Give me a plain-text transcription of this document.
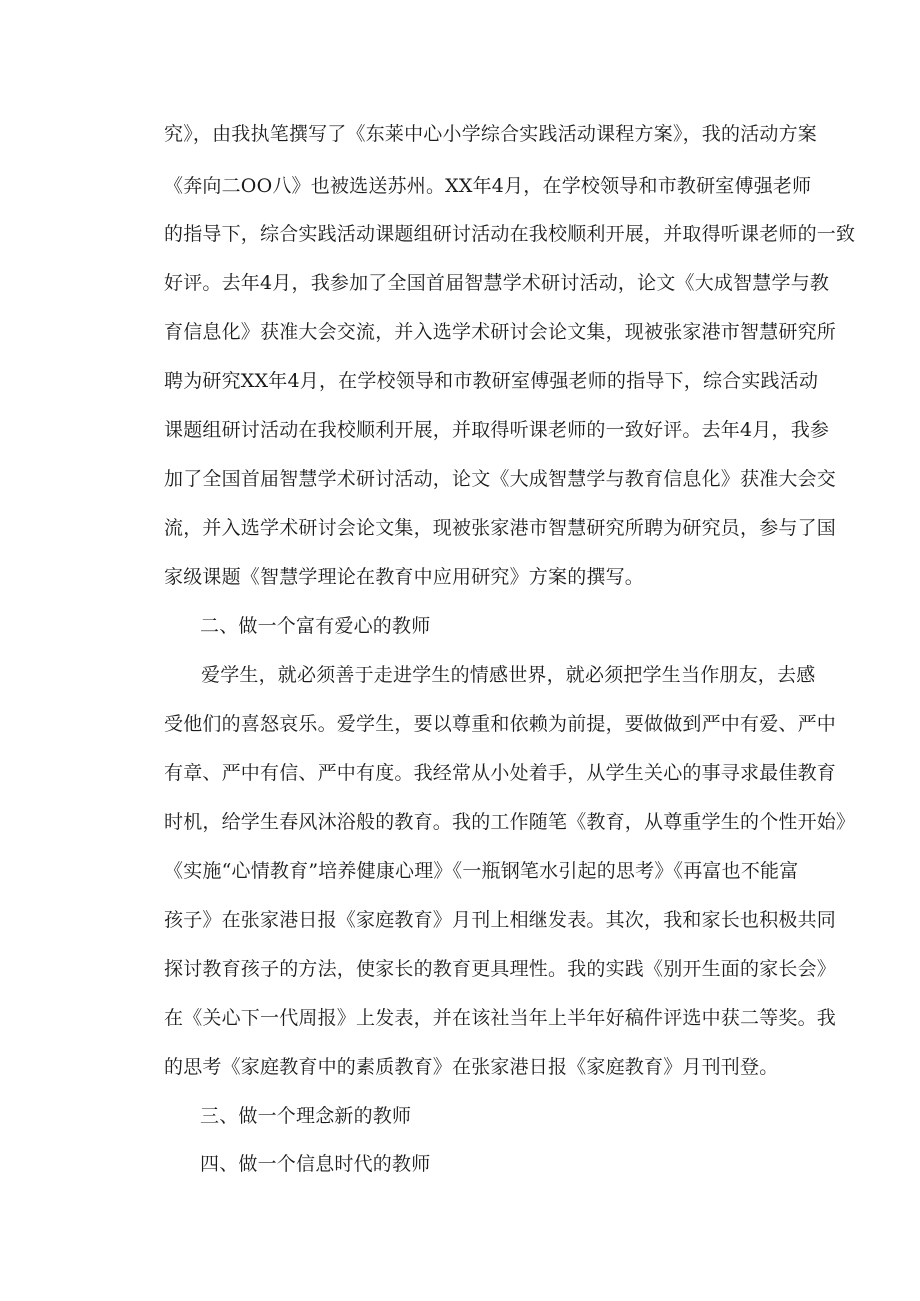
究》，由我执笔撰写了《东莱中心小学综合实践活动课程方案》，我的活动方案
《奔向二OO八》也被选送苏州。XX年4月，在学校领导和市教研室傅强老师
的指导下，综合实践活动课题组研讨活动在我校顺利开展，并取得听课老师的一致
好评。去年4月，我参加了全国首届智慧学术研讨活动，论文《大成智慧学与教
育信息化》获准大会交流，并入选学术研讨会论文集，现被张家港市智慧研究所
聘为研究XX年4月，在学校领导和市教研室傅强老师的指导下，综合实践活动
课题组研讨活动在我校顺利开展，并取得听课老师的一致好评。去年4月，我参
加了全国首届智慧学术研讨活动，论文《大成智慧学与教育信息化》获准大会交
流，并入选学术研讨会论文集，现被张家港市智慧研究所聘为研究员，参与了国
家级课题《智慧学理论在教育中应用研究》方案的撰写。
二、做一个富有爱心的教师
爱学生，就必须善于走进学生的情感世界，就必须把学生当作朋友，去感
受他们的喜怒哀乐。爱学生，要以尊重和依赖为前提，要做做到严中有爱、严中
有章、严中有信、严中有度。我经常从小处着手，从学生关心的事寻求最佳教育
时机，给学生春风沐浴般的教育。我的工作随笔《教育，从尊重学生的个性开始》
《实施“心情教育”培养健康心理》《一瓶钢笔水引起的思考》《再富也不能富
孩子》在张家港日报《家庭教育》月刊上相继发表。其次，我和家长也积极共同
探讨教育孩子的方法，使家长的教育更具理性。我的实践《别开生面的家长会》
在《关心下一代周报》上发表，并在该社当年上半年好稿件评选中获二等奖。我
的思考《家庭教育中的素质教育》在张家港日报《家庭教育》月刊刊登。
三、做一个理念新的教师
四、做一个信息时代的教师
